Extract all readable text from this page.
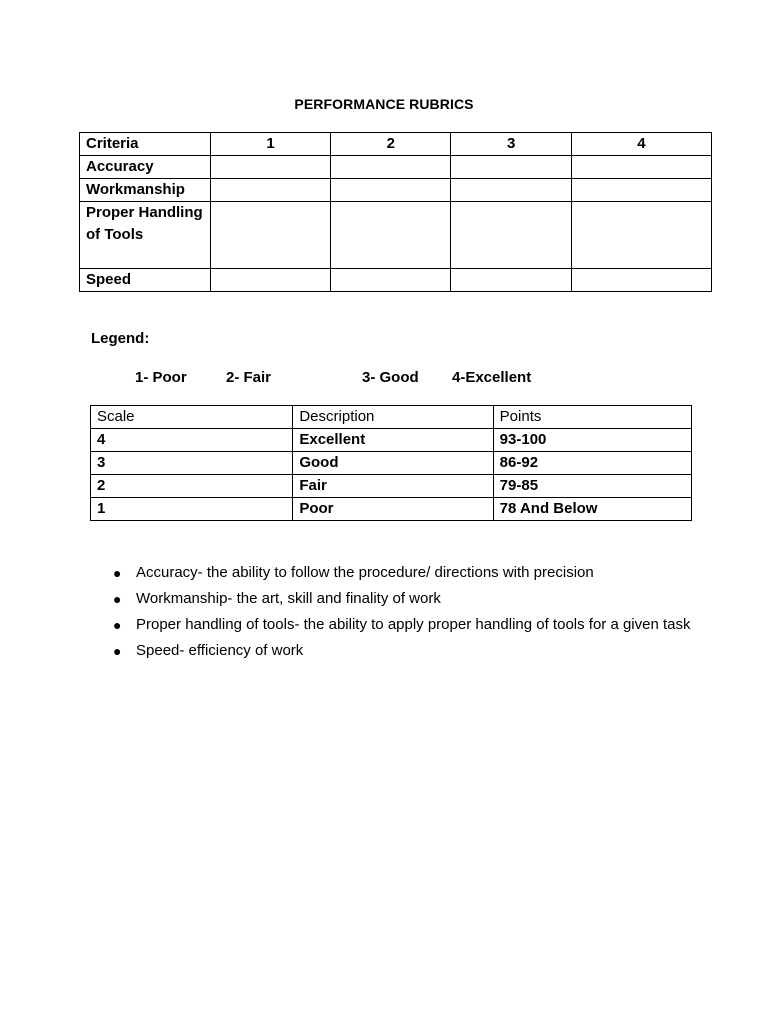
PERFORMANCE RUBRICS
Criteria	1	2	3	4
Accuracy				
Workmanship				
Proper Handling of Tools				
Speed				
Legend:
1- Poor	2- Fair	3- Good 4-Excellent
Scale	Description	Points
4	Excellent	93-100
3	Good	86-92
2	Fair	79-85
1	Poor	78 And Below
● Accuracy- the ability to follow the procedure/ directions with precision
● Workmanship- the art, skill and finality of work
● Proper handling of tools- the ability to apply proper handling of tools for a given task
● Speed- efficiency of work
